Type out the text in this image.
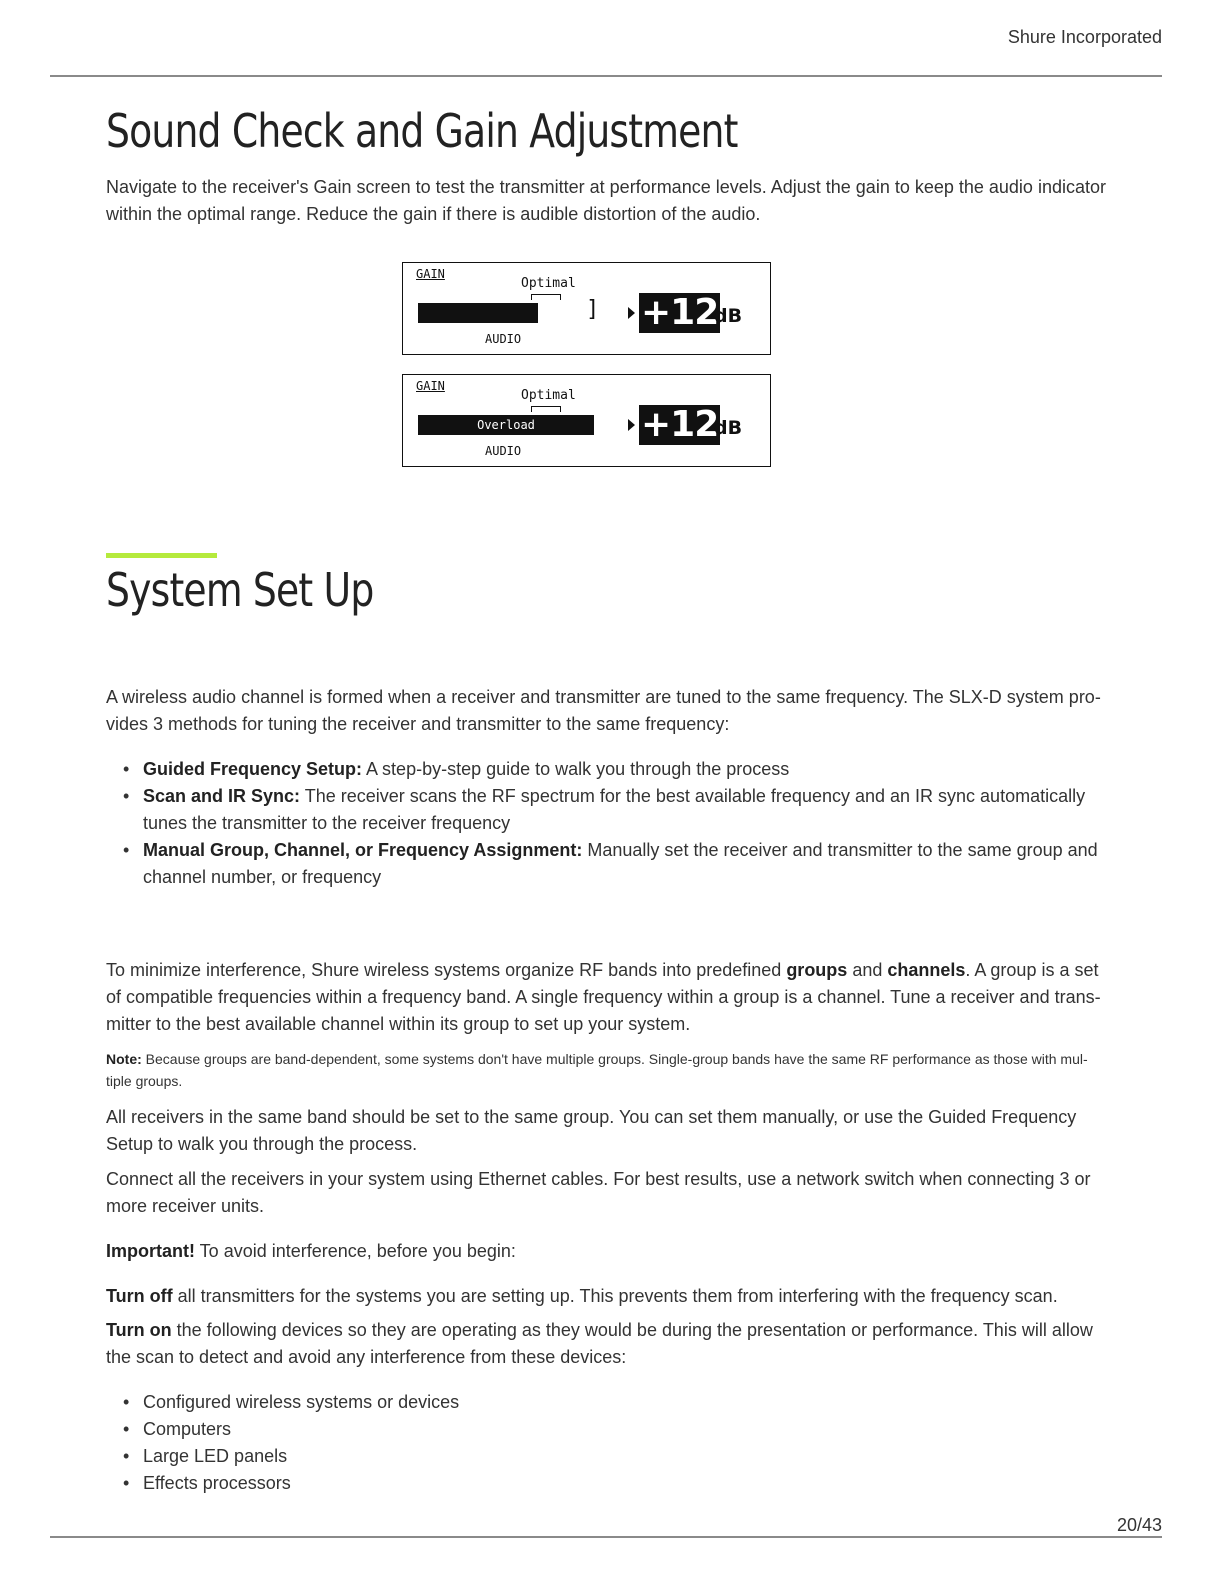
Shure Incorporated
Sound Check and Gain Adjustment

Navigate to the receiver's Gain screen to test the transmitter at performance levels. Adjust the gain to keep the audio indicator within the optimal range. Reduce the gain if there is audible distortion of the audio.

GAIN
Optimal
] +12
dB
AUDIO
GAIN
Optimal
Overload	+12
dB
AUDIO
System Set Up

A wireless audio channel is formed when a receiver and transmitter are tuned to the same frequency. The SLX-D system provides 3 methods for tuning the receiver and transmitter to the same frequency:

• Guided Frequency Setup: A step-by-step guide to walk you through the process
• Scan and IR Sync: The receiver scans the RF spectrum for the best available frequency and an IR sync automatically tunes the transmitter to the receiver frequency
• Manual Group, Channel, or Frequency Assignment: Manually set the receiver and transmitter to the same group and channel number, or frequency

To minimize interference, Shure wireless systems organize RF bands into predefined groups and channels. A group is a set of compatible frequencies within a frequency band. A single frequency within a group is a channel. Tune a receiver and transmitter to the best available channel within its group to set up your system.

Note: Because groups are band-dependent, some systems don't have multiple groups. Single-group bands have the same RF performance as those with multiple groups.

All receivers in the same band should be set to the same group. You can set them manually, or use the Guided Frequency Setup to walk you through the process.

Connect all the receivers in your system using Ethernet cables. For best results, use a network switch when connecting 3 or more receiver units.

Important! To avoid interference, before you begin:

Turn off all transmitters for the systems you are setting up. This prevents them from interfering with the frequency scan.

Turn on the following devices so they are operating as they would be during the presentation or performance. This will allow the scan to detect and avoid any interference from these devices:

• Configured wireless systems or devices
• Computers
• Large LED panels
• Effects processors
20/43
